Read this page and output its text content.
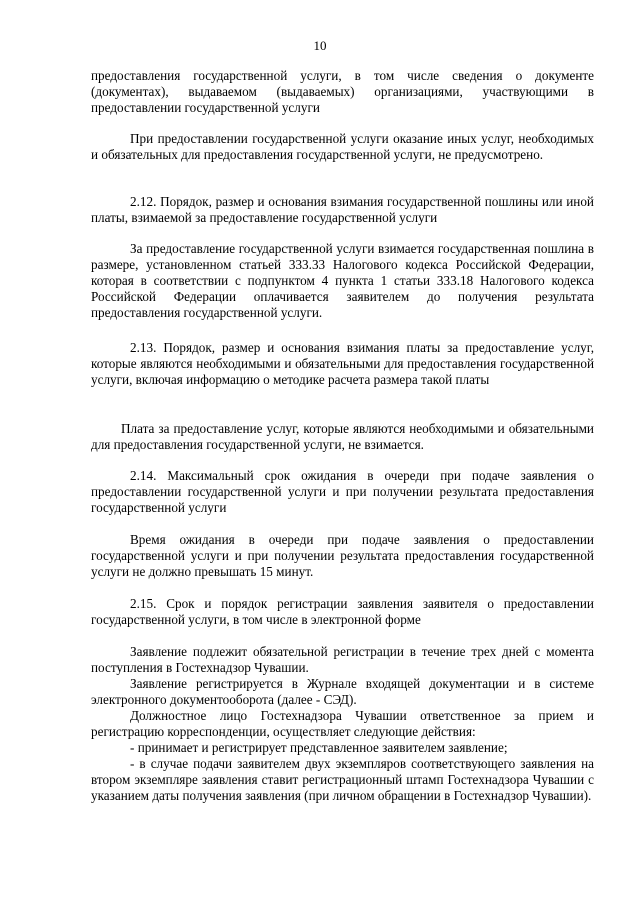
10

предоставления государственной услуги, в том числе сведения о документе (документах), выдаваемом (выдаваемых) организациями, участвующими в предоставлении государственной услуги

При предоставлении государственной услуги оказание иных услуг, необходимых и обязательных для предоставления государственной услуги, не предусмотрено.

2.12. Порядок, размер и основания взимания государственной пошлины или иной платы, взимаемой за предоставление государственной услуги

За предоставление государственной услуги взимается государственная пошлина в размере, установленном статьей 333.33 Налогового кодекса Российской Федерации, которая в соответствии с подпунктом 4 пункта 1 статьи 333.18 Налогового кодекса Российской Федерации оплачивается заявителем до получения результата предоставления государственной услуги.

2.13. Порядок, размер и основания взимания платы за предоставление услуг, которые являются необходимыми и обязательными для предоставления государственной услуги, включая информацию о методике расчета размера такой платы

Плата за предоставление услуг, которые являются необходимыми и обязательными для предоставления государственной услуги, не взимается.

2.14. Максимальный срок ожидания в очереди при подаче заявления о предоставлении государственной услуги и при получении результата предоставления государственной услуги

Время ожидания в очереди при подаче заявления о предоставлении государственной услуги и при получении результата предоставления государственной услуги не должно превышать 15 минут.

2.15. Срок и порядок регистрации заявления заявителя о предоставлении государственной услуги, в том числе в электронной форме

Заявление подлежит обязательной регистрации в течение трех дней с момента поступления в Гостехнадзор Чувашии.

Заявление регистрируется в Журнале входящей документации и в системе электронного документооборота (далее - СЭД).

Должностное лицо Гостехнадзора Чувашии ответственное за прием и регистрацию корреспонденции, осуществляет следующие действия:

- принимает и регистрирует представленное заявителем заявление;

- в случае подачи заявителем двух экземпляров соответствующего заявления на втором экземпляре заявления ставит регистрационный штамп Гостехнадзора Чувашии с указанием даты получения заявления (при личном обращении в Гостехнадзор Чувашии).
